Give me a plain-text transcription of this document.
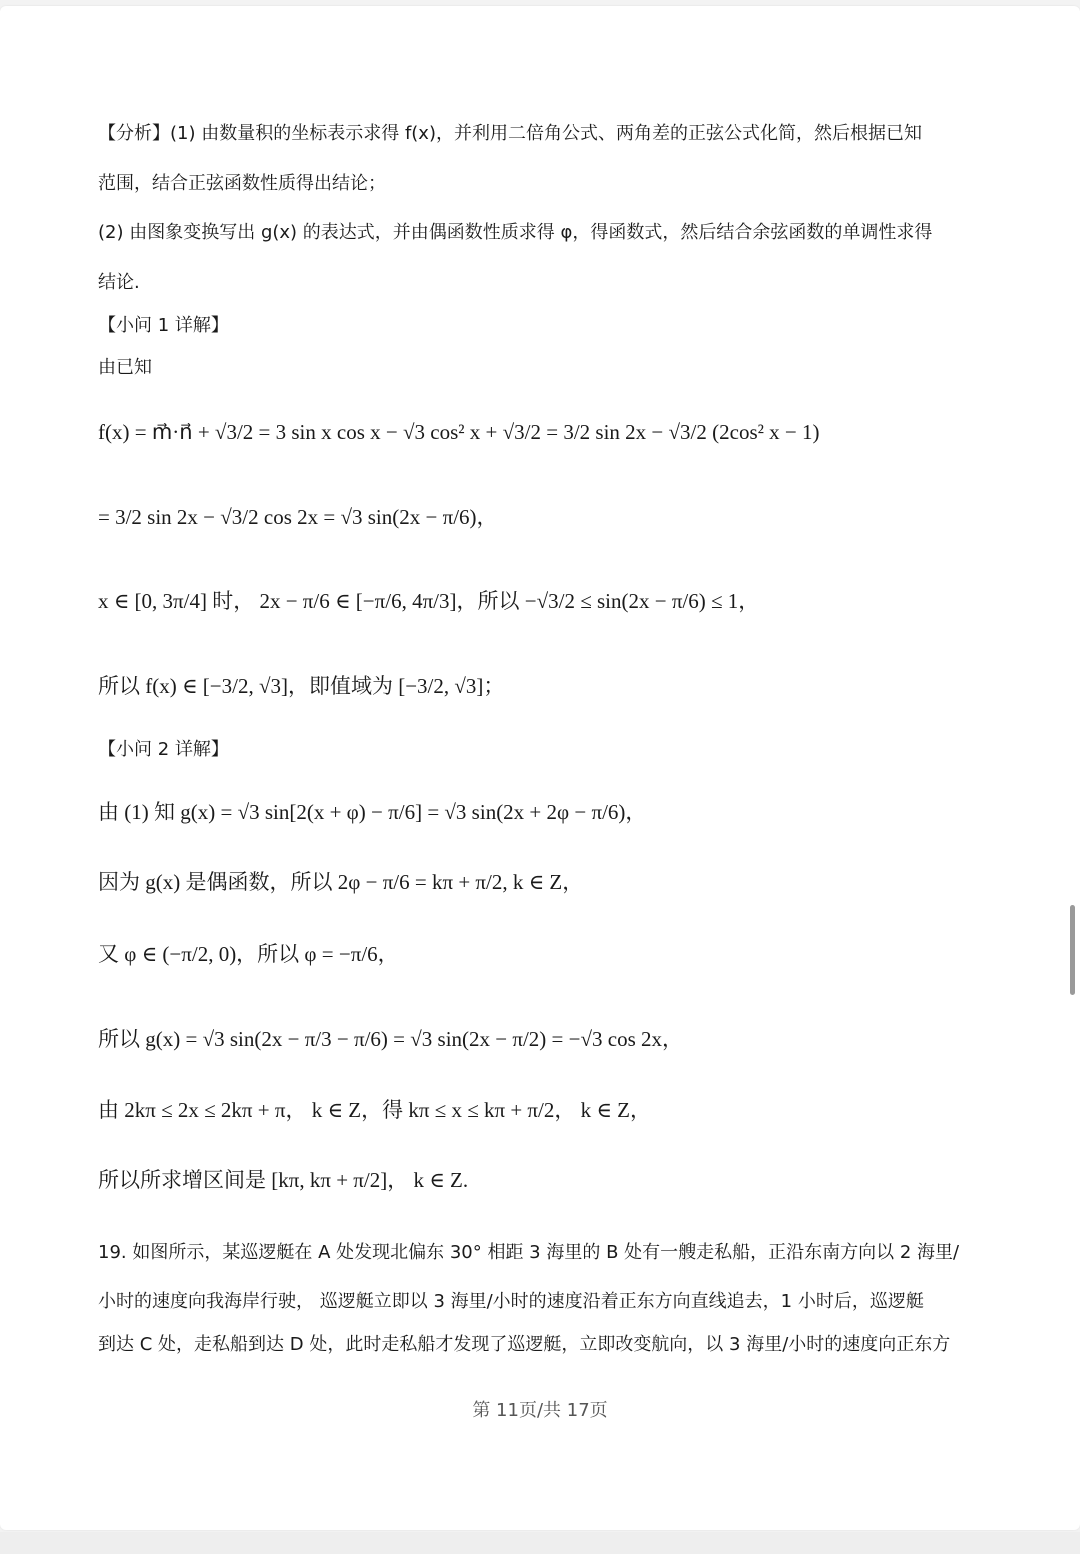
【分析】(1) 由数量积的坐标表示求得 f(x)，并利用二倍角公式、两角差的正弦公式化简，然后根据已知
范围，结合正弦函数性质得出结论；
(2) 由图象变换写出 g(x) 的表达式，并由偶函数性质求得 φ，得函数式，然后结合余弦函数的单调性求得
结论.
【小问 1 详解】
由已知
f(x) = m⃗·n⃗ + √3/2 = 3 sin x cos x − √3 cos² x + √3/2 = 3/2 sin 2x − √3/2 (2cos² x − 1)
= 3/2 sin 2x − √3/2 cos 2x = √3 sin(2x − π/6)，
x ∈ [0, 3π/4] 时， 2x − π/6 ∈ [−π/6, 4π/3]，所以 −√3/2 ≤ sin(2x − π/6) ≤ 1，
所以 f(x) ∈ [−3/2, √3]，即值域为 [−3/2, √3]；
【小问 2 详解】
由 (1) 知 g(x) = √3 sin[2(x + φ) − π/6] = √3 sin(2x + 2φ − π/6)，
因为 g(x) 是偶函数，所以 2φ − π/6 = kπ + π/2, k ∈ Z，
又 φ ∈ (−π/2, 0)，所以 φ = −π/6，
所以 g(x) = √3 sin(2x − π/3 − π/6) = √3 sin(2x − π/2) = −√3 cos 2x，
由 2kπ ≤ 2x ≤ 2kπ + π， k ∈ Z，得 kπ ≤ x ≤ kπ + π/2， k ∈ Z，
所以所求增区间是 [kπ, kπ + π/2]， k ∈ Z.
19. 如图所示，某巡逻艇在 A 处发现北偏东 30° 相距 3 海里的 B 处有一艘走私船，正沿东南方向以 2 海里/
小时的速度向我海岸行驶， 巡逻艇立即以 3 海里/小时的速度沿着正东方向直线追去，1 小时后，巡逻艇
到达 C 处，走私船到达 D 处，此时走私船才发现了巡逻艇，立即改变航向，以 3 海里/小时的速度向正东方
第 11页/共 17页
